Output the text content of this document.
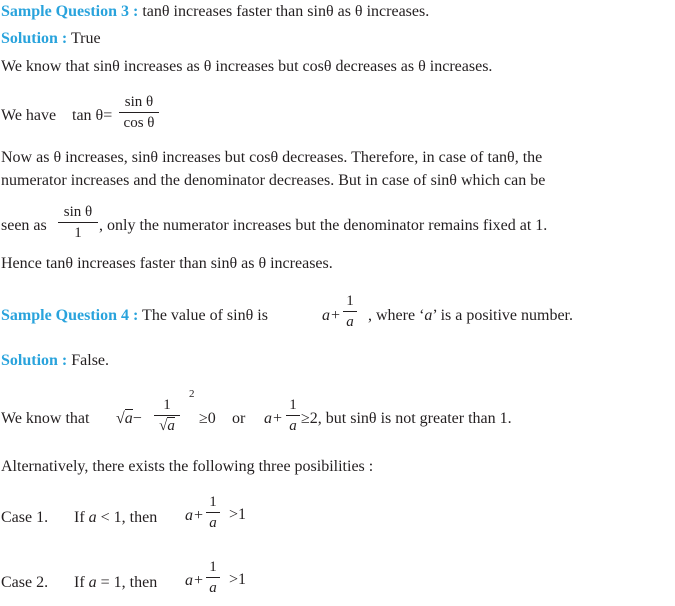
Sample Question 3 : tanθ increases faster than sinθ as θ increases.
Solution : True
We know that sinθ increases as θ increases but cosθ decreases as θ increases.
We have tan θ=
sin θ
cos θ
Now as θ increases, sinθ increases but cosθ decreases. Therefore, in case of tanθ, the
numerator increases and the denominator decreases. But in case of sinθ which can be
seen as
sin θ
1	, only the numerator increases but the denominator remains fixed at 1.
Hence tanθ increases faster than sinθ as θ increases.
Sample Question 4 : The value of sinθ is	a+
1
a , where ‘a’ is a positive number.
Solution : False.
We know that √a−
1
√a
2
≥0 or a+
1
a ≥2, but sinθ is not greater than 1.
Alternatively, there exists the following three posibilities :
Case 1. If a < 1, then a+
1
a >1
Case 2. If a = 1, then a+
1
a >1
